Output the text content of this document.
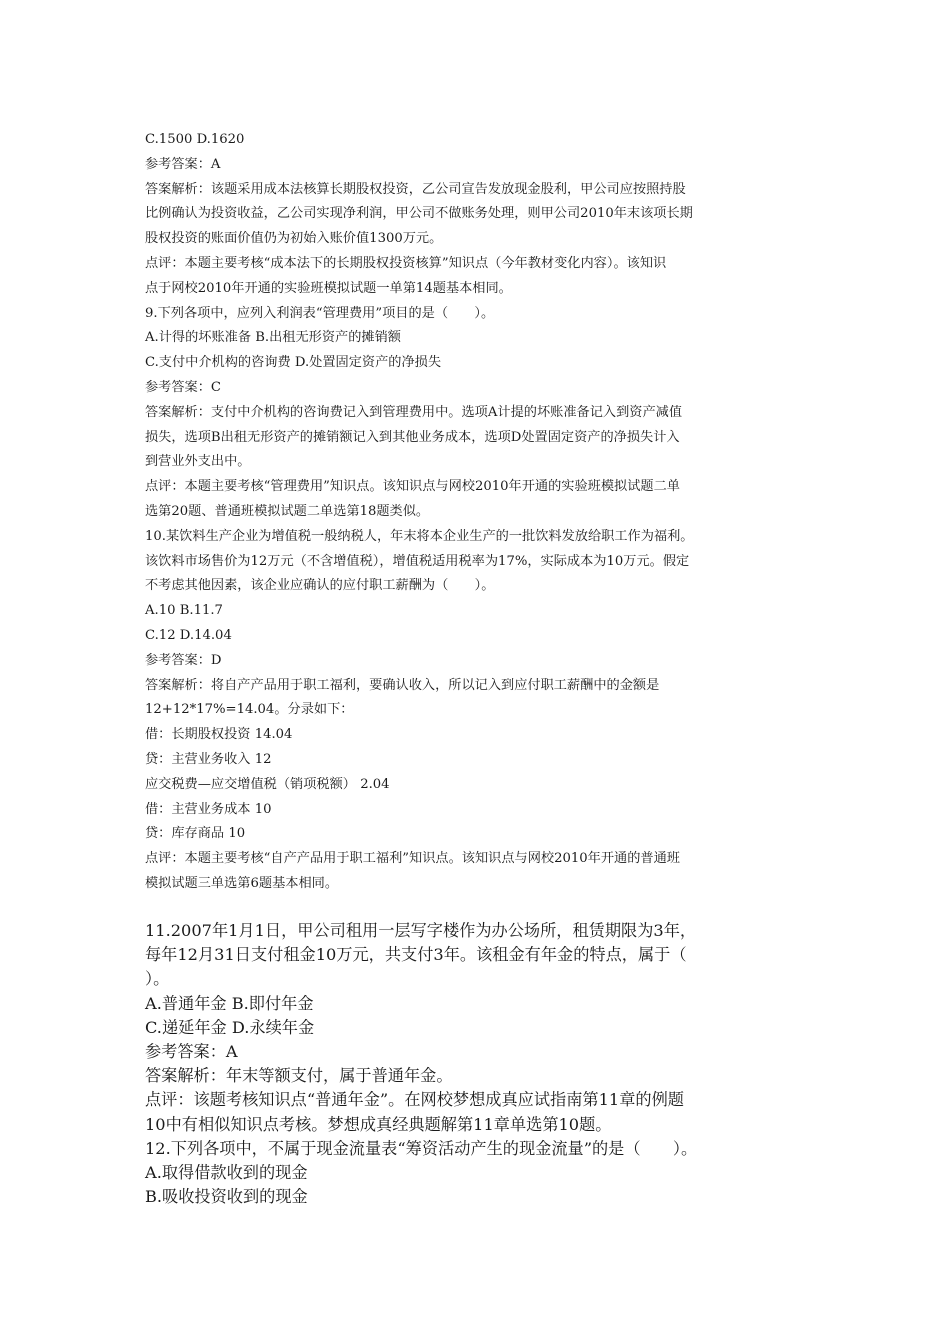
C.1500 D.1620

参考答案：A

答案解析：该题采用成本法核算长期股权投资，乙公司宣告发放现金股利，甲公司应按照持股

比例确认为投资收益，乙公司实现净利润，甲公司不做账务处理，则甲公司2010年末该项长期

股权投资的账面价值仍为初始入账价值1300万元。

点评：本题主要考核“成本法下的长期股权投资核算”知识点（今年教材变化内容）。该知识

点于网校2010年开通的实验班模拟试题一单第14题基本相同。

9.下列各项中，应列入利润表“管理费用”项目的是（　　）。

A.计得的坏账准备 B.出租无形资产的摊销额

C.支付中介机构的咨询费 D.处置固定资产的净损失

参考答案：C

答案解析：支付中介机构的咨询费记入到管理费用中。选项A计提的坏账准备记入到资产减值

损失，选项B出租无形资产的摊销额记入到其他业务成本，选项D处置固定资产的净损失计入

到营业外支出中。

点评：本题主要考核“管理费用”知识点。该知识点与网校2010年开通的实验班模拟试题二单

选第20题、普通班模拟试题二单选第18题类似。

10.某饮料生产企业为增值税一般纳税人，年末将本企业生产的一批饮料发放给职工作为福利。

该饮料市场售价为12万元（不含增值税），增值税适用税率为17%，实际成本为10万元。假定

不考虑其他因素，该企业应确认的应付职工薪酬为（　　）。

A.10 B.11.7

C.12 D.14.04

参考答案：D

答案解析：将自产产品用于职工福利，要确认收入，所以记入到应付职工薪酬中的金额是

12+12*17%=14.04。分录如下：

借：长期股权投资 14.04

贷：主营业务收入 12

应交税费—应交增值税（销项税额） 2.04

借：主营业务成本 10

贷：库存商品 10

点评：本题主要考核“自产产品用于职工福利”知识点。该知识点与网校2010年开通的普通班

模拟试题三单选第6题基本相同。

11.2007年1月1日，甲公司租用一层写字楼作为办公场所，租赁期限为3年，

每年12月31日支付租金10万元，共支付3年。该租金有年金的特点，属于（

）。

A.普通年金 B.即付年金

C.递延年金 D.永续年金

参考答案：A

答案解析：年末等额支付，属于普通年金。

点评：该题考核知识点“普通年金”。在网校梦想成真应试指南第11章的例题

10中有相似知识点考核。梦想成真经典题解第11章单选第10题。

12.下列各项中，不属于现金流量表“筹资活动产生的现金流量”的是（　　）。

A.取得借款收到的现金

B.吸收投资收到的现金
